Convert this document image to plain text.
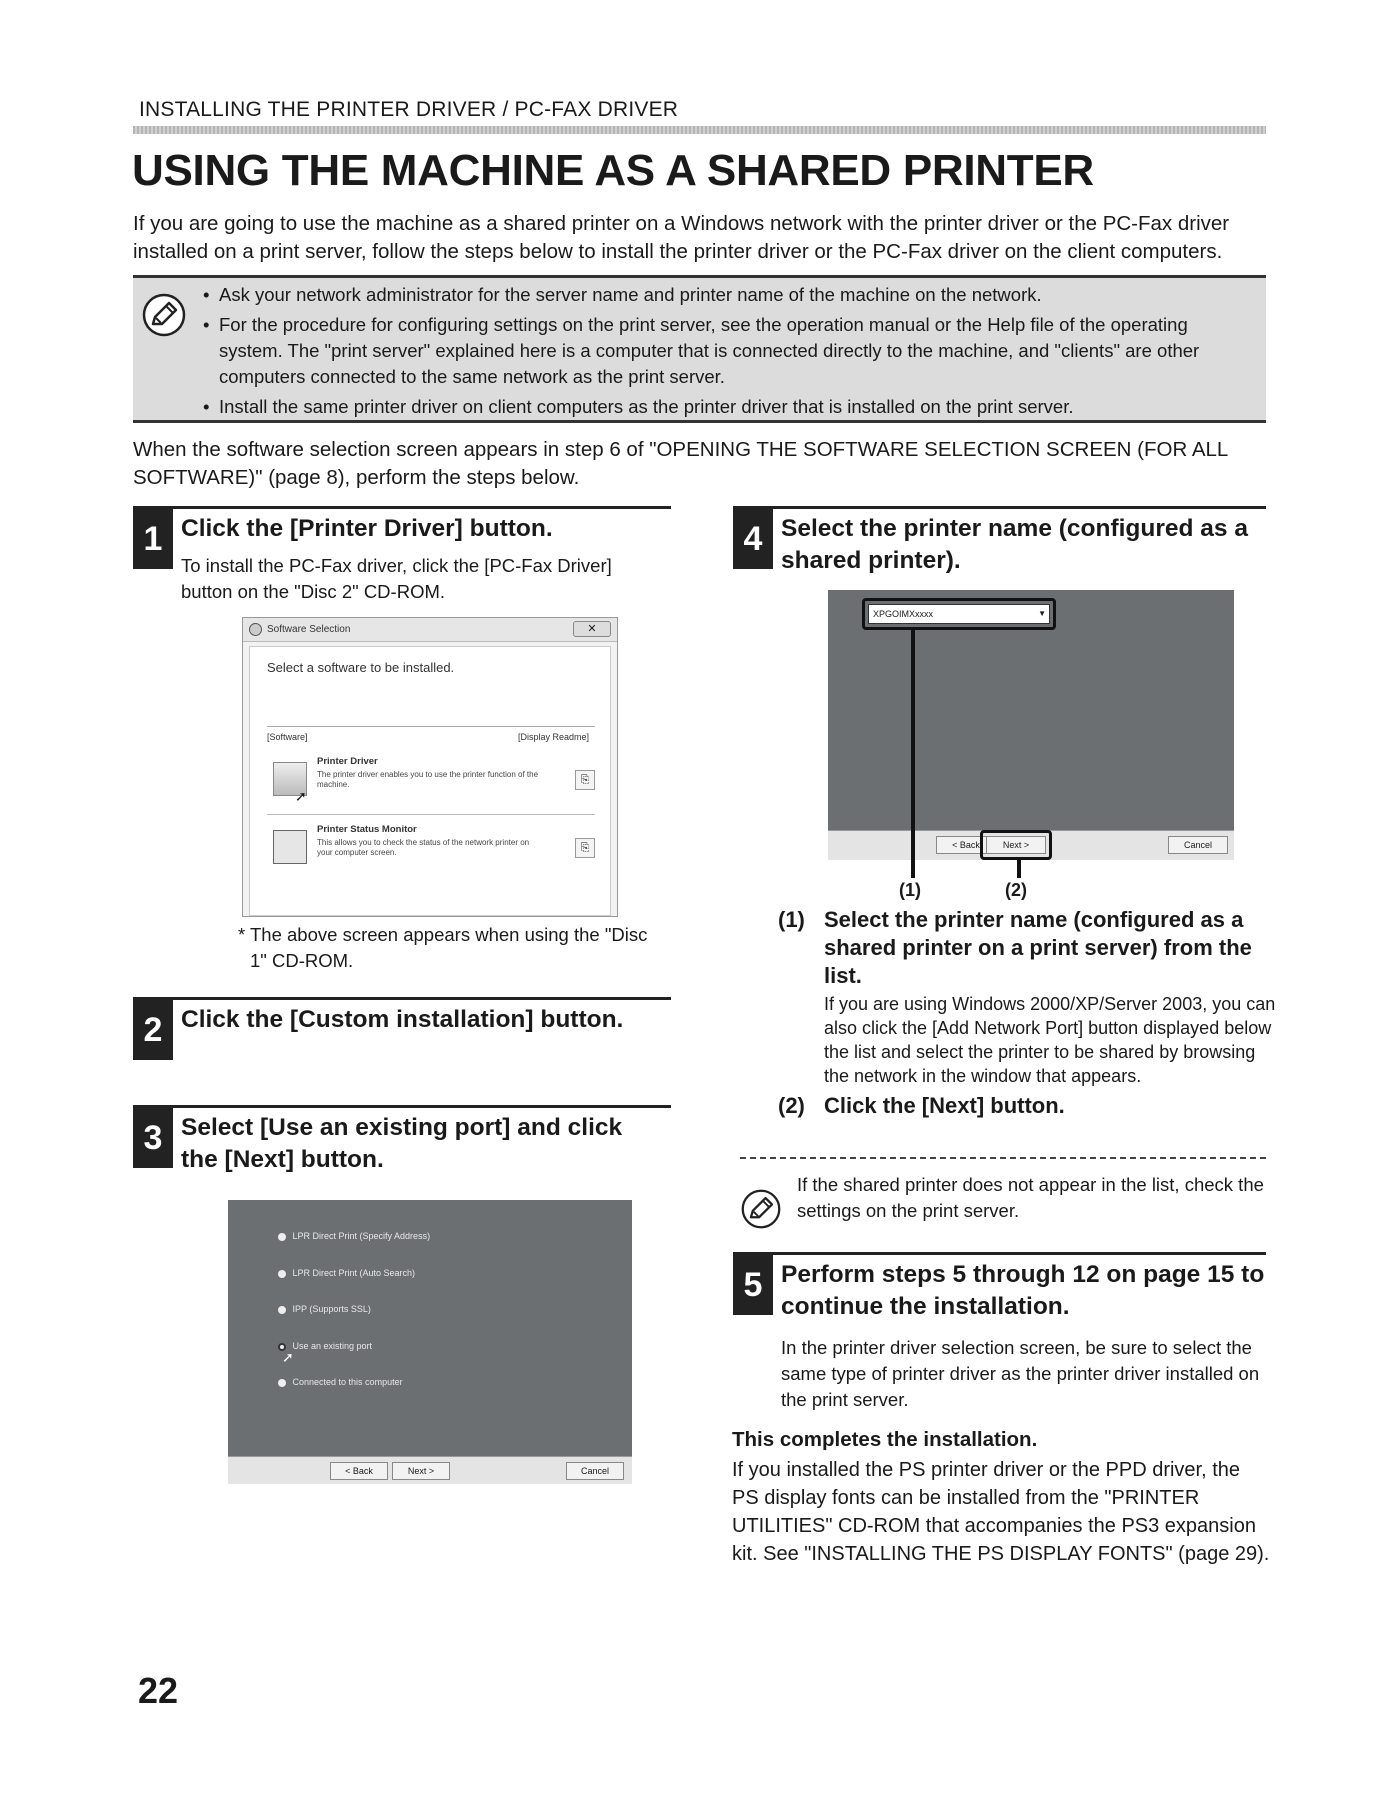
INSTALLING THE PRINTER DRIVER / PC-FAX DRIVER
USING THE MACHINE AS A SHARED PRINTER

If you are going to use the machine as a shared printer on a Windows network with the printer driver or the PC-Fax driver installed on a print server, follow the steps below to install the printer driver or the PC-Fax driver on the client computers.

• Ask your network administrator for the server name and printer name of the machine on the network.
• For the procedure for configuring settings on the print server, see the operation manual or the Help file of the operating system. The "print server" explained here is a computer that is connected directly to the machine, and "clients" are other computers connected to the same network as the print server.
• Install the same printer driver on client computers as the printer driver that is installed on the print server.

When the software selection screen appears in step 6 of "OPENING THE SOFTWARE SELECTION SCREEN (FOR ALL SOFTWARE)" (page 8), perform the steps below.

1 Click the [Printer Driver] button.

To install the PC-Fax driver, click the [PC-Fax Driver] button on the "Disc 2" CD-ROM.

Software Selection	✕
Select a software to be installed.
[Software]	[Display Readme]
➚
Printer Driver
The printer driver enables you to use the printer function of the machine.	⎘
Printer Status Monitor
This allows you to check the status of the network printer on your computer screen.	⎘
* The above screen appears when using the "Disc 1" CD-ROM.
2 Click the [Custom installation] button.
3 Select [Use an existing port] and click the [Next] button.
LPR Direct Print (Specify Address)
LPR Direct Print (Auto Search)
IPP (Supports SSL)
Use an existing port
➚
Connected to this computer
< Back	Next >	Cancel
4 Select the printer name (configured as a shared printer).
XPGOIMXxxxx	▼
< Back	Next >	Cancel
(1)	(2)
(1) Select the printer name (configured as a shared printer on a print server) from the list.
If you are using Windows 2000/XP/Server 2003, you can also click the [Add Network Port] button displayed below the list and select the printer to be shared by browsing the network in the window that appears.
(2) Click the [Next] button.

If the shared printer does not appear in the list, check the settings on the print server.

5 Perform steps 5 through 12 on page 15 to continue the installation.

In the printer driver selection screen, be sure to select the same type of printer driver as the printer driver installed on the print server.

This completes the installation.

If you installed the PS printer driver or the PPD driver, the PS display fonts can be installed from the "PRINTER UTILITIES" CD-ROM that accompanies the PS3 expansion kit. See "INSTALLING THE PS DISPLAY FONTS" (page 29).

22
